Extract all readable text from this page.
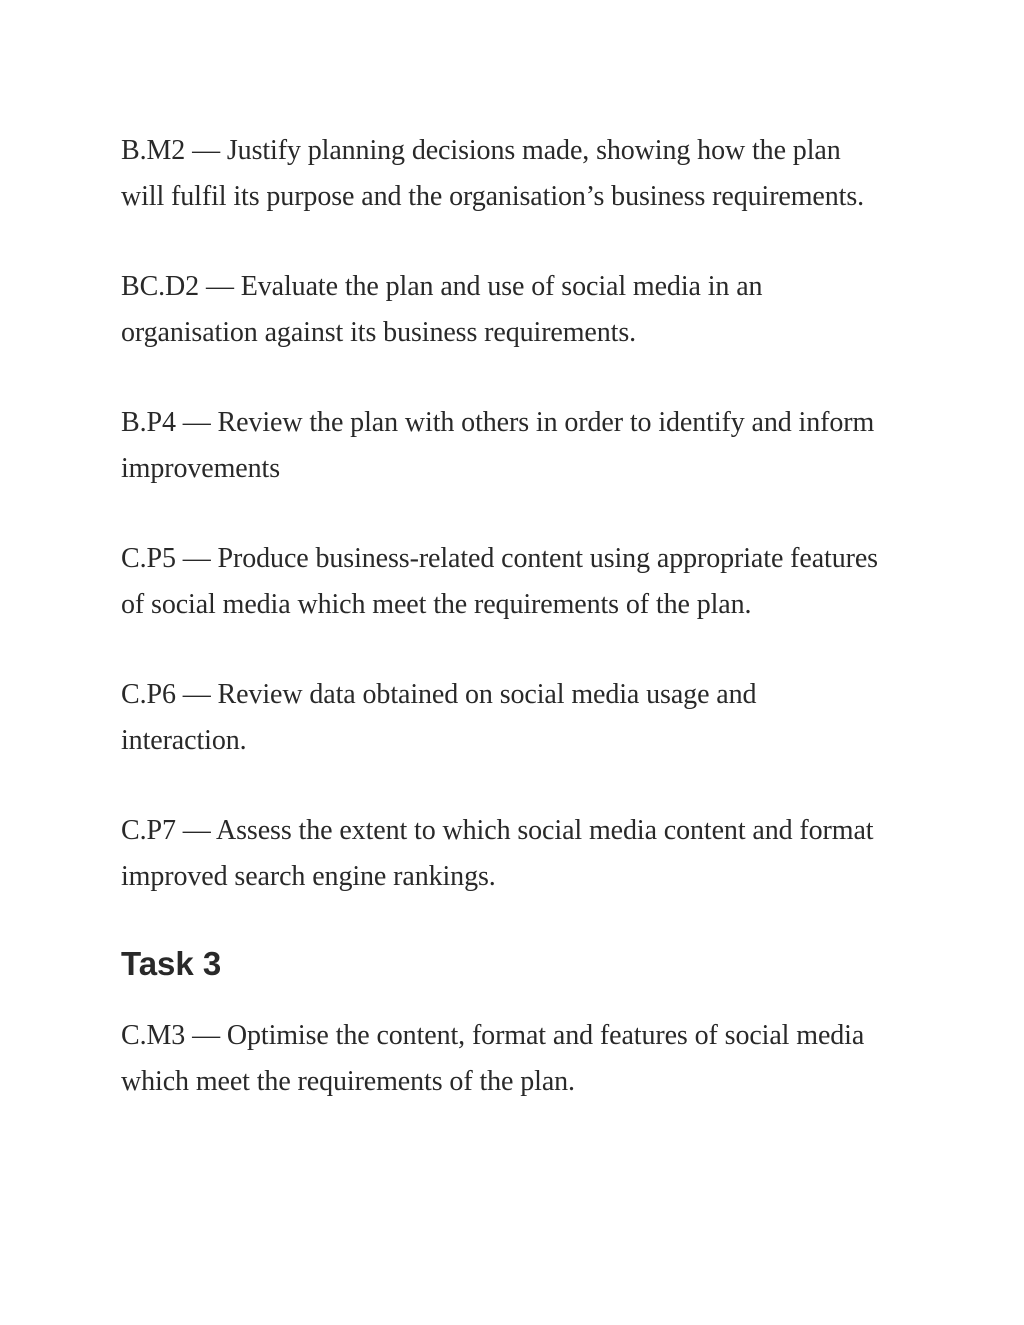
B.M2 — Justify planning decisions made, showing how the plan will fulfil its purpose and the organisation’s business requirements.

BC.D2 — Evaluate the plan and use of social media in an organisation against its business requirements.

B.P4 — Review the plan with others in order to identify and inform improvements

C.P5 — Produce business-related content using appropriate features of social media which meet the requirements of the plan.

C.P6 — Review data obtained on social media usage and interaction.

C.P7 — Assess the extent to which social media content and format improved search engine rankings.

Task 3

C.M3 — Optimise the content, format and features of social media which meet the requirements of the plan.
